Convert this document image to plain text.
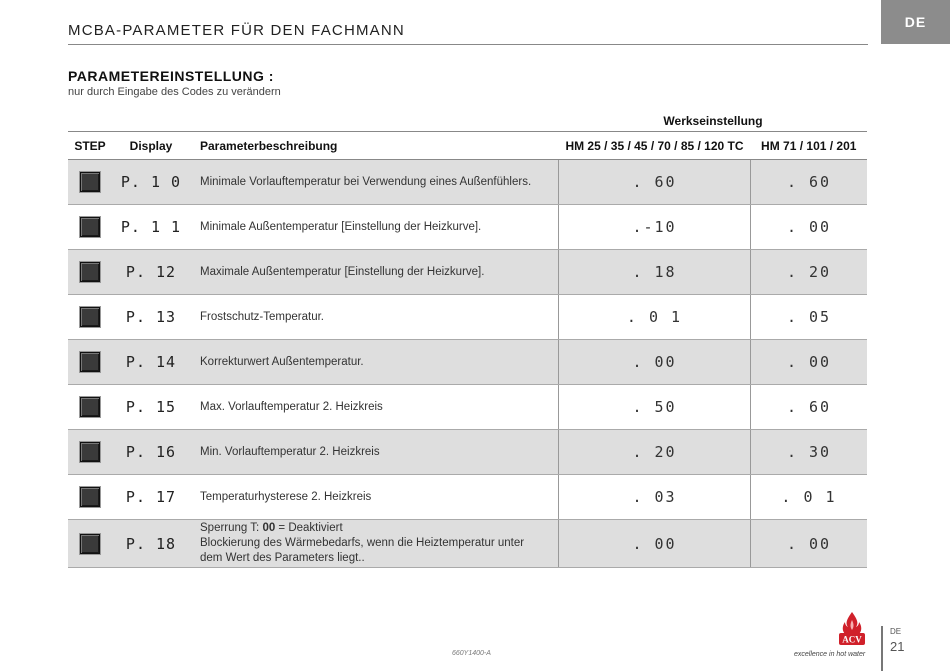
MCBA-PARAMETER FÜR DEN FACHMANN	DE
PARAMETEREINSTELLUNG :
nur durch Eingabe des Codes zu verändern
Werkseinstellung
STEP	Display	Parameterbeschreibung	HM 25 / 35 / 45 / 70 / 85 / 120 TC	HM 71 / 101 / 201
	P. 1 0	Minimale Vorlauftemperatur bei Verwendung eines Außenfühlers.	. 60	. 60
	P. 1 1	Minimale Außentemperatur [Einstellung der Heizkurve].	.-10	. 00
	P. 12	Maximale Außentemperatur [Einstellung der Heizkurve].	. 18	. 20
	P. 13	Frostschutz-Temperatur.	. 0 1	. 05
	P. 14	Korrekturwert Außentemperatur.	. 00	. 00
	P. 15	Max. Vorlauftemperatur 2. Heizkreis	. 50	. 60
	P. 16	Min. Vorlauftemperatur 2. Heizkreis	. 20	. 30
	P. 17	Temperaturhysterese 2. Heizkreis	. 03	. 0 1
	P. 18	Sperrung T: 00 = Deaktiviert
Blockierung des Wärmebedarfs, wenn die Heiztemperatur unter
dem Wert des Parameters liegt..	. 00	. 00
660Y1400-A
ACV
excellence in hot water
DE
21
